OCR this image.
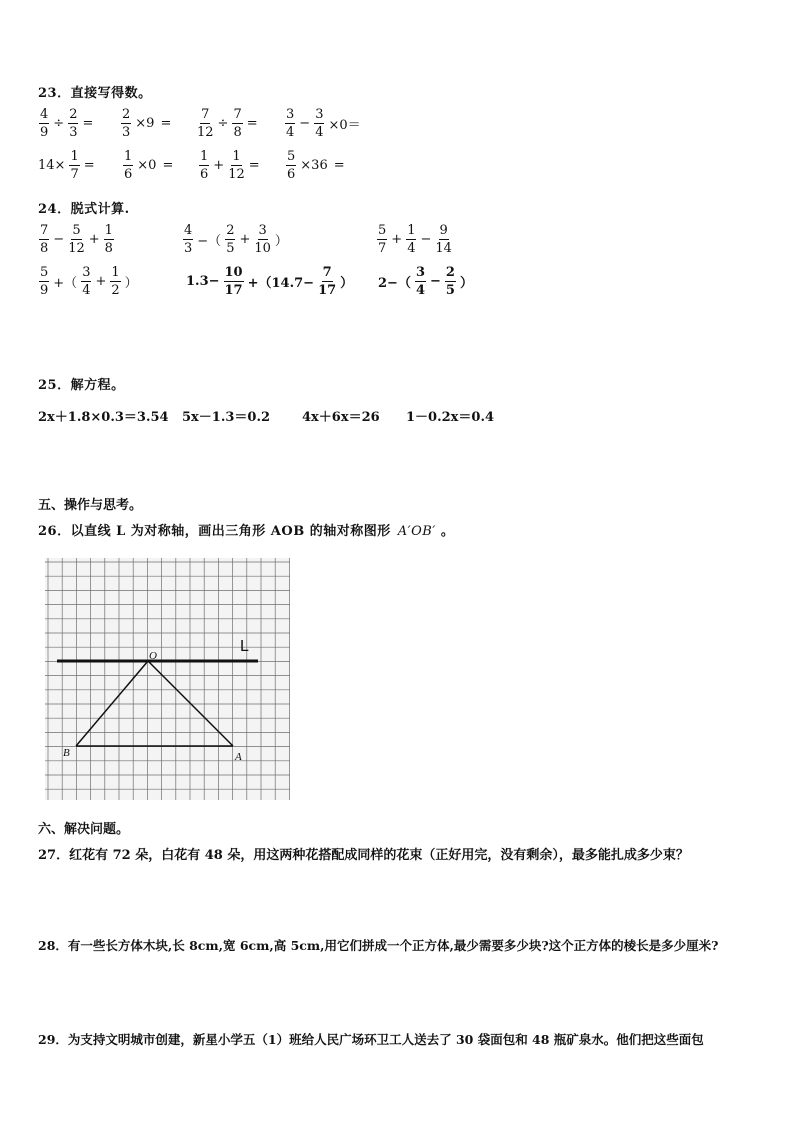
23．直接写得数。
$\frac{4}{9} \div \frac{2}{3} = \frac{2}{3} \times 9 = \frac{7}{12} \div \frac{7}{8} = \frac{3}{4} - \frac{3}{4} \times 0=$
$14\times \frac{1}{7} = \frac{1}{6} \times 0 = \frac{1}{6} + \frac{1}{12} = \frac{5}{6} \times 36$ =
24．脱式计算.
$\frac{7}{8} - \frac{5}{12} + \frac{1}{8}$	$\frac{4}{3}$ −（ $\frac{2}{5} + \frac{3}{10}$ ）	$\frac{5}{7} + \frac{1}{4} - \frac{9}{14}$
$\frac{5}{9}$ +（ $\frac{3}{4} + \frac{1}{2}$ ）	$1.3- \frac{10}{17} +(14.7- \frac{7}{17}$ ） $2-( \frac{3}{4} - \frac{2}{5}$ ）
25．解方程。
2x＋1.8×0.3＝3.54 5x－1.3＝0.2 4x＋6x＝26 1－0.2x＝0.4
五、操作与思考。
26．以直线 L 为对称轴，画出三角形 AOB 的轴对称图形 A′OB′ 。
L
O
A
B
六、解决问题。
27．红花有 72 朵，白花有 48 朵，用这两种花搭配成同样的花束（正好用完，没有剩余），最多能扎成多少束？
28．有一些长方体木块,长 8cm,宽 6cm,高 5cm,用它们拼成一个正方体,最少需要多少块?这个正方体的棱长是多少厘米?
29．为支持文明城市创建，新星小学五（1）班给人民广场环卫工人送去了 30 袋面包和 48 瓶矿泉水。他们把这些面包
